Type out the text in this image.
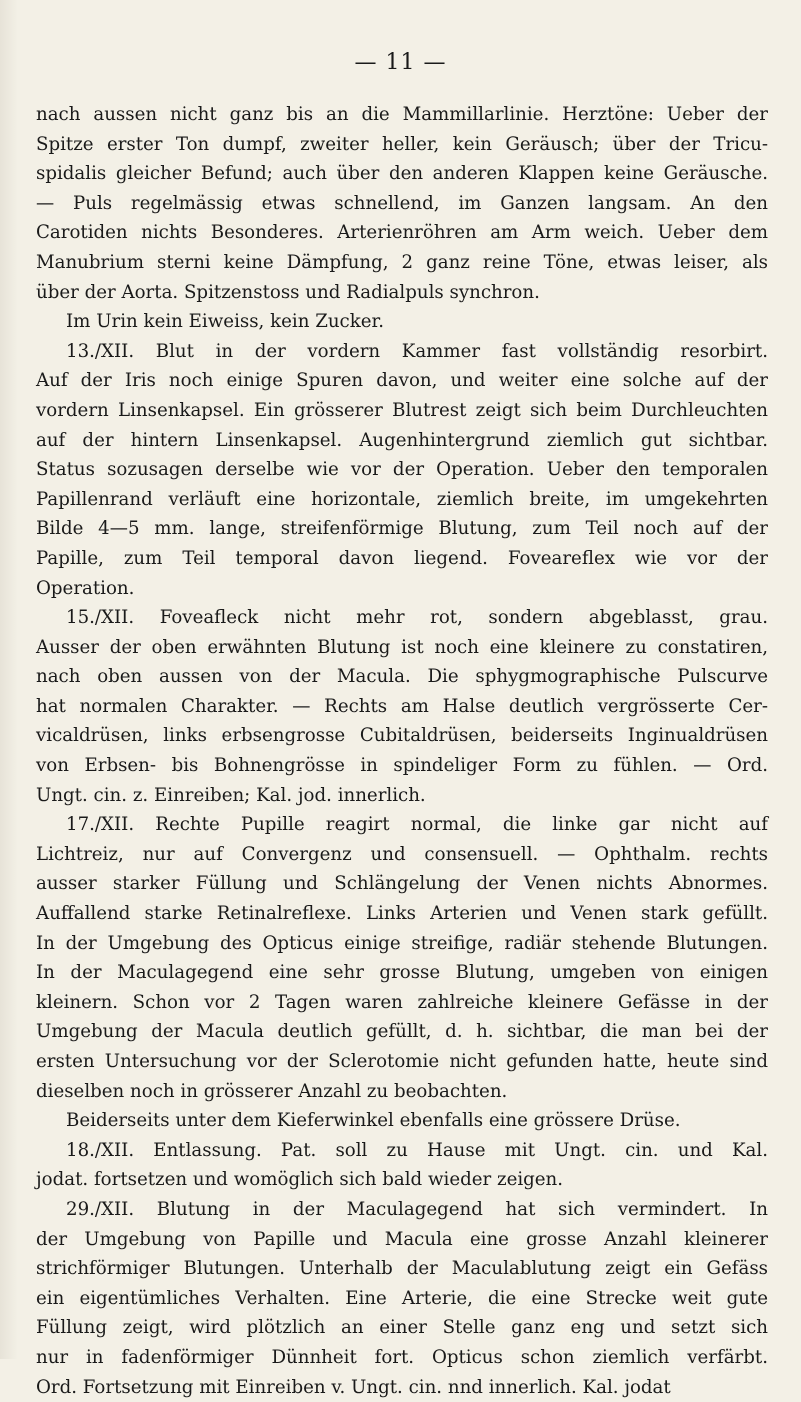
— 11 —
nach aussen nicht ganz bis an die Mammillarlinie. Herztöne: Ueber der
Spitze erster Ton dumpf, zweiter heller, kein Geräusch; über der Tricu-
spidalis gleicher Befund; auch über den anderen Klappen keine Geräusche.
— Puls regelmässig etwas schnellend, im Ganzen langsam. An den
Carotiden nichts Besonderes. Arterienröhren am Arm weich. Ueber dem
Manubrium sterni keine Dämpfung, 2 ganz reine Töne, etwas leiser, als
über der Aorta. Spitzenstoss und Radialpuls synchron.
Im Urin kein Eiweiss, kein Zucker.
13./XII. Blut in der vordern Kammer fast vollständig resorbirt.
Auf der Iris noch einige Spuren davon, und weiter eine solche auf der
vordern Linsenkapsel. Ein grösserer Blutrest zeigt sich beim Durchleuchten
auf der hintern Linsenkapsel. Augenhintergrund ziemlich gut sichtbar.
Status sozusagen derselbe wie vor der Operation. Ueber den temporalen
Papillenrand verläuft eine horizontale, ziemlich breite, im umgekehrten
Bilde 4—5 mm. lange, streifenförmige Blutung, zum Teil noch auf der
Papille, zum Teil temporal davon liegend. Foveareflex wie vor der
Operation.
15./XII. Foveafleck nicht mehr rot, sondern abgeblasst, grau.
Ausser der oben erwähnten Blutung ist noch eine kleinere zu constatiren,
nach oben aussen von der Macula. Die sphygmographische Pulscurve
hat normalen Charakter. — Rechts am Halse deutlich vergrösserte Cer-
vicaldrüsen, links erbsengrosse Cubitaldrüsen, beiderseits Inginualdrüsen
von Erbsen- bis Bohnengrösse in spindeliger Form zu fühlen. — Ord.
Ungt. cin. z. Einreiben; Kal. jod. innerlich.
17./XII. Rechte Pupille reagirt normal, die linke gar nicht auf
Lichtreiz, nur auf Convergenz und consensuell. — Ophthalm. rechts
ausser starker Füllung und Schlängelung der Venen nichts Abnormes.
Auffallend starke Retinalreflexe. Links Arterien und Venen stark gefüllt.
In der Umgebung des Opticus einige streifige, radiär stehende Blutungen.
In der Maculagegend eine sehr grosse Blutung, umgeben von einigen
kleinern. Schon vor 2 Tagen waren zahlreiche kleinere Gefässe in der
Umgebung der Macula deutlich gefüllt, d. h. sichtbar, die man bei der
ersten Untersuchung vor der Sclerotomie nicht gefunden hatte, heute sind
dieselben noch in grösserer Anzahl zu beobachten.
Beiderseits unter dem Kieferwinkel ebenfalls eine grössere Drüse.
18./XII. Entlassung. Pat. soll zu Hause mit Ungt. cin. und Kal.
jodat. fortsetzen und womöglich sich bald wieder zeigen.
29./XII. Blutung in der Maculagegend hat sich vermindert. In
der Umgebung von Papille und Macula eine grosse Anzahl kleinerer
strichförmiger Blutungen. Unterhalb der Maculablutung zeigt ein Gefäss
ein eigentümliches Verhalten. Eine Arterie, die eine Strecke weit gute
Füllung zeigt, wird plötzlich an einer Stelle ganz eng und setzt sich
nur in fadenförmiger Dünnheit fort. Opticus schon ziemlich verfärbt.
Ord. Fortsetzung mit Einreiben v. Ungt. cin. nnd innerlich. Kal. jodat
